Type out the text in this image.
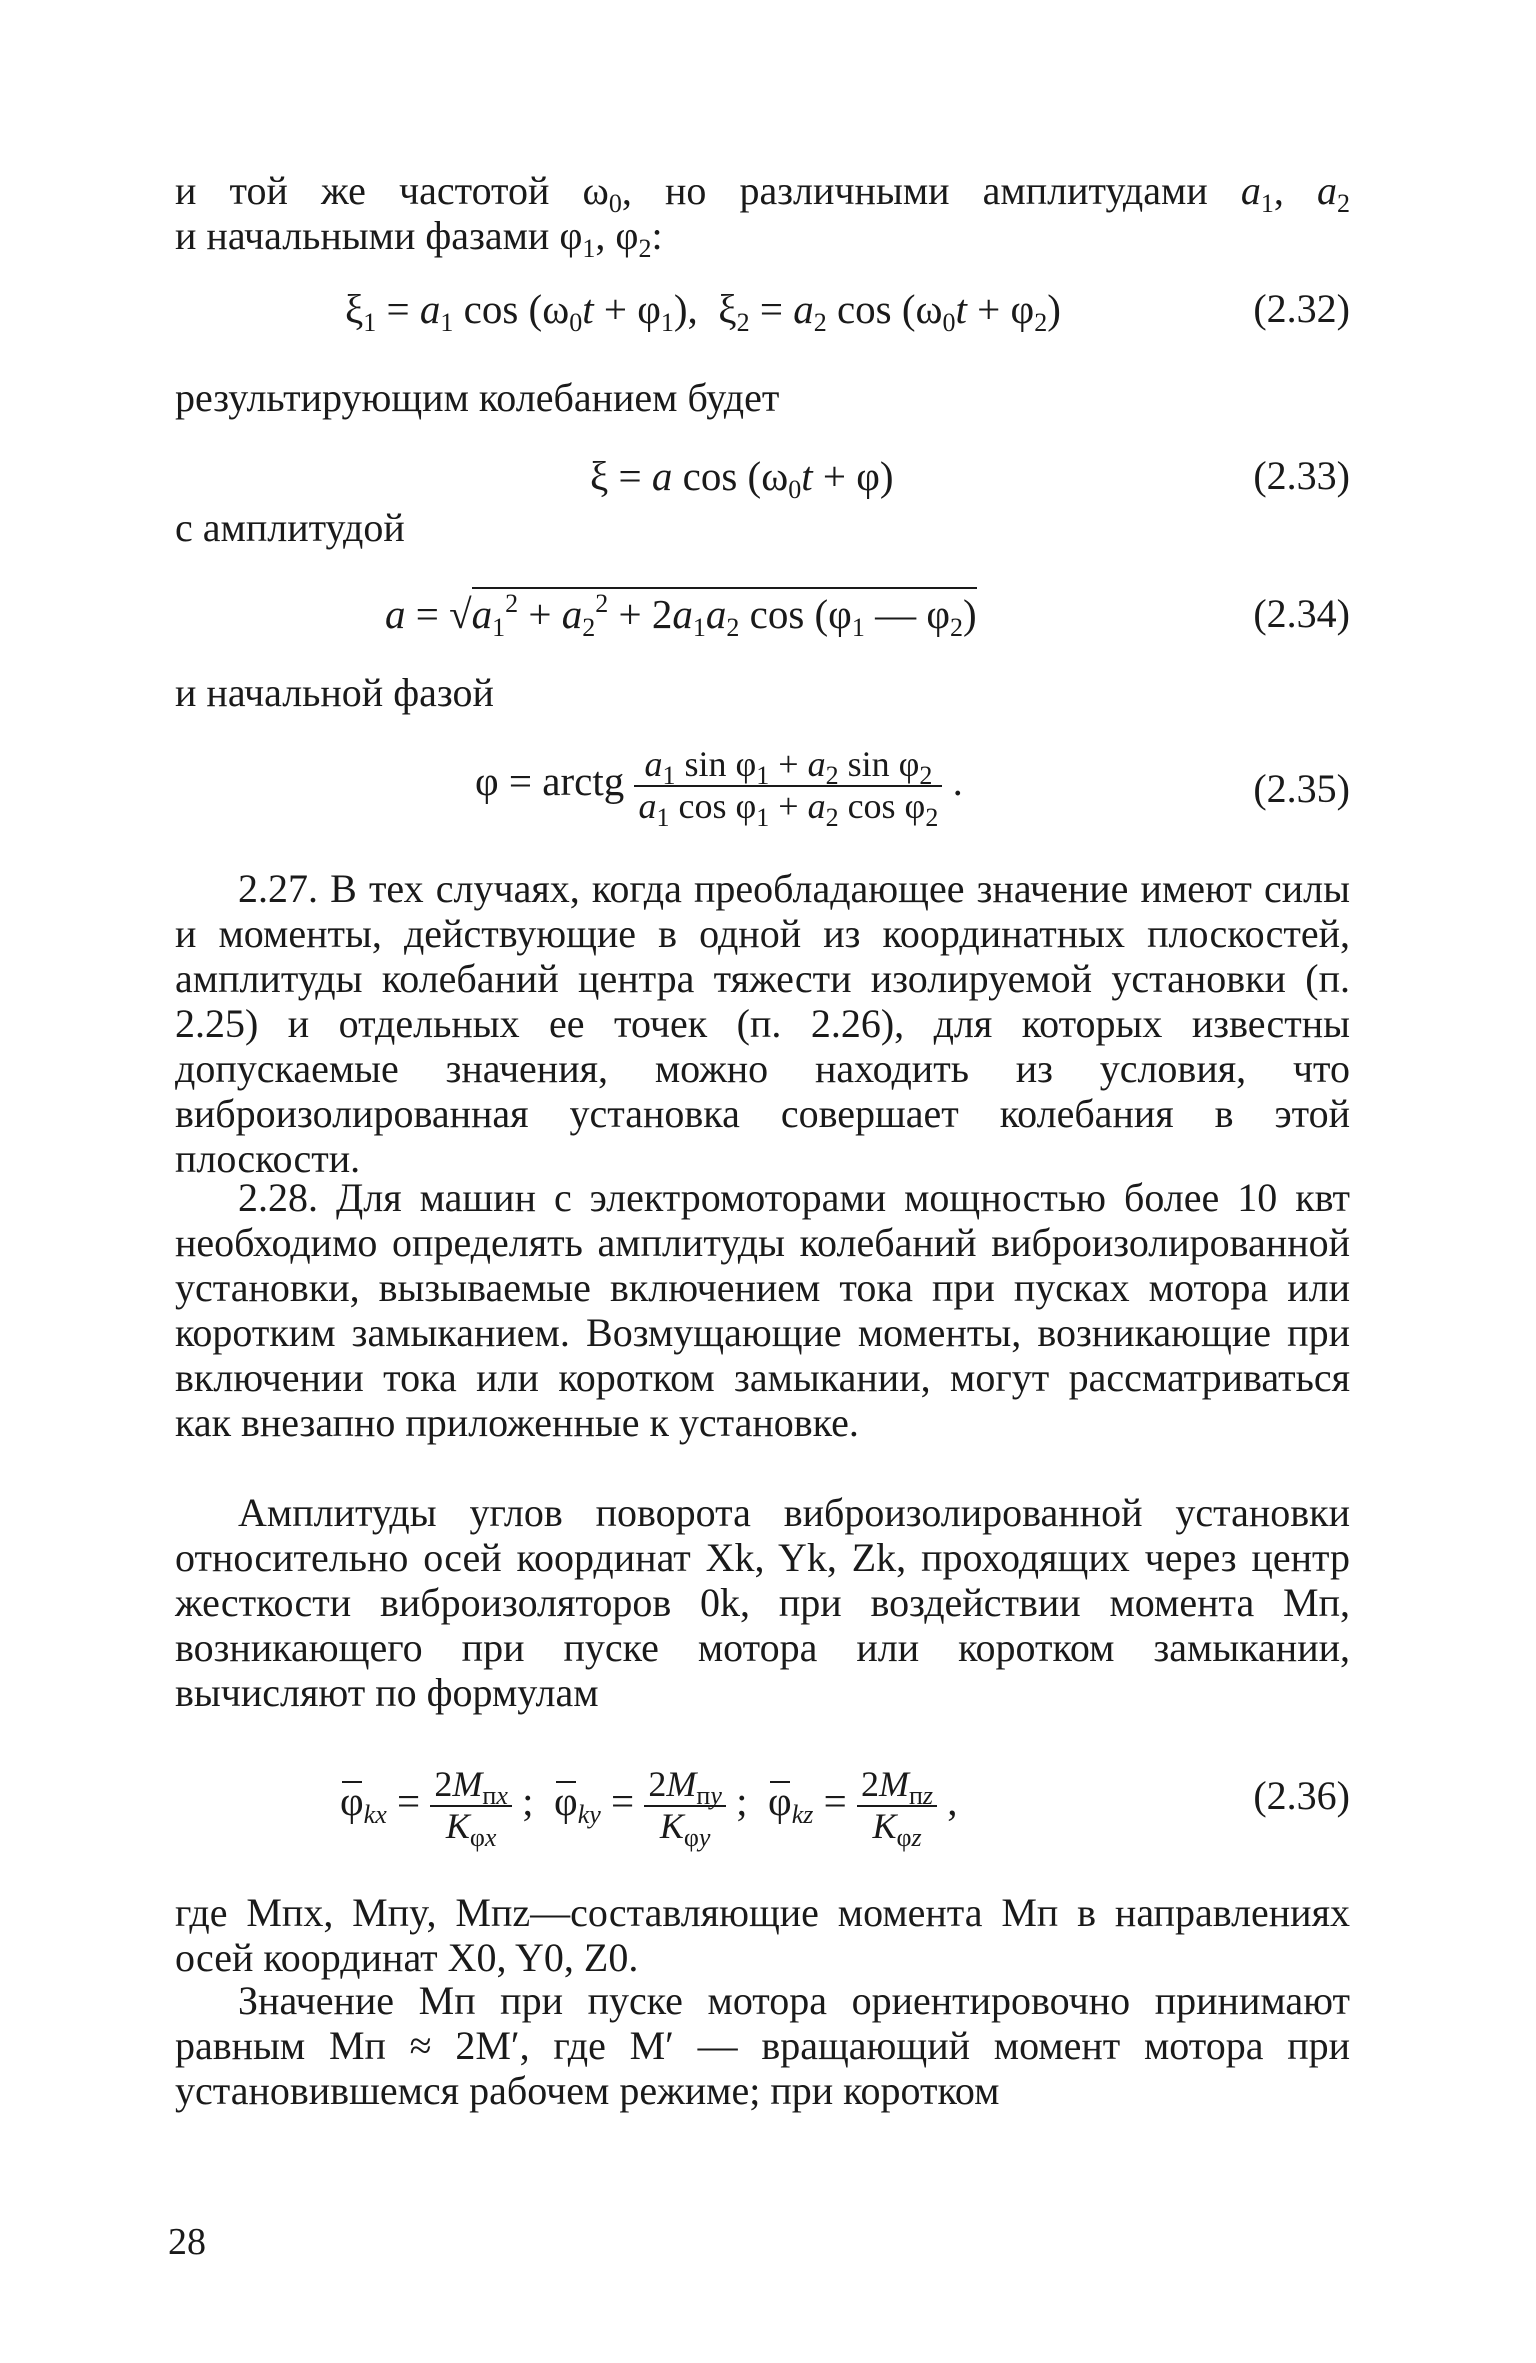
и той же частотой $\omega_0$, но различными амплитудами $a_1$, $a_2$
и начальными фазами $\varphi_1$, $\varphi_2$:
$\xi_1 = a_1$ $\cos (\omega_0t + \varphi_1)$,  $\xi_2 = a_2$ $\cos (\omega_0t + \varphi_2)$	(2.32)
результирующим колебанием будет
ξ = a $\cos (\omega_0t + \varphi)$	(2.33)
с амплитудой
$a = √a_1^2 + a_2^2 + 2a_1a_2$ $\cos (\varphi_1$ — $\varphi_2$)	(2.34)
и начальной фазой
φ = arctg $\frac{a_1 \sin \varphi_1 + a_2 \sin \varphi_2}{a_1 \cos \varphi_1 + a_2 \cos \varphi_2}$ .	(2.35)
2.27. В тех случаях, когда преобладающее значение имеют силы и моменты, действующие в одной из координатных плоскостей, амплитуды колебаний центра тяжести изолируемой установки (п. 2.25) и отдельных ее точек (п. 2.26), для которых известны допускаемые значения, можно находить из условия, что виброизолированная установка совершает колебания в этой плоскости.
2.28. Для машин с электромоторами мощностью более 10 квт необходимо определять амплитуды колебаний виброизолированной установки, вызываемые включением тока при пусках мотора или коротким замыканием. Возмущающие моменты, возникающие при включении тока или коротком замыкании, могут рассматриваться как внезапно приложенные к установке.
Амплитуды углов поворота виброизолированной установки относительно осей координат Xk, Yk, Zk, проходящих через центр жесткости виброизоляторов 0k, при воздействии момента Mп, возникающего при пуске мотора или коротком замыкании, вычисляют по формулам
$\varphi_{kx} = \frac{2M_{пx}}{K_{\varphi x}}$ ;  $\varphi_{ky} = \frac{2M_{пy}}{K_{\varphi y}}$ ;  $\varphi_{kz} = \frac{2M_{пz}}{K_{\varphi z}}$ ,	(2.36)
где Mпx, Mпy, Mпz—составляющие момента Mп в направлениях осей координат X0, Y0, Z0.
Значение Mп при пуске мотора ориентировочно принимают равным Mп ≈ 2M′, где M′ — вращающий момент мотора при установившемся рабочем режиме; при коротком
28
